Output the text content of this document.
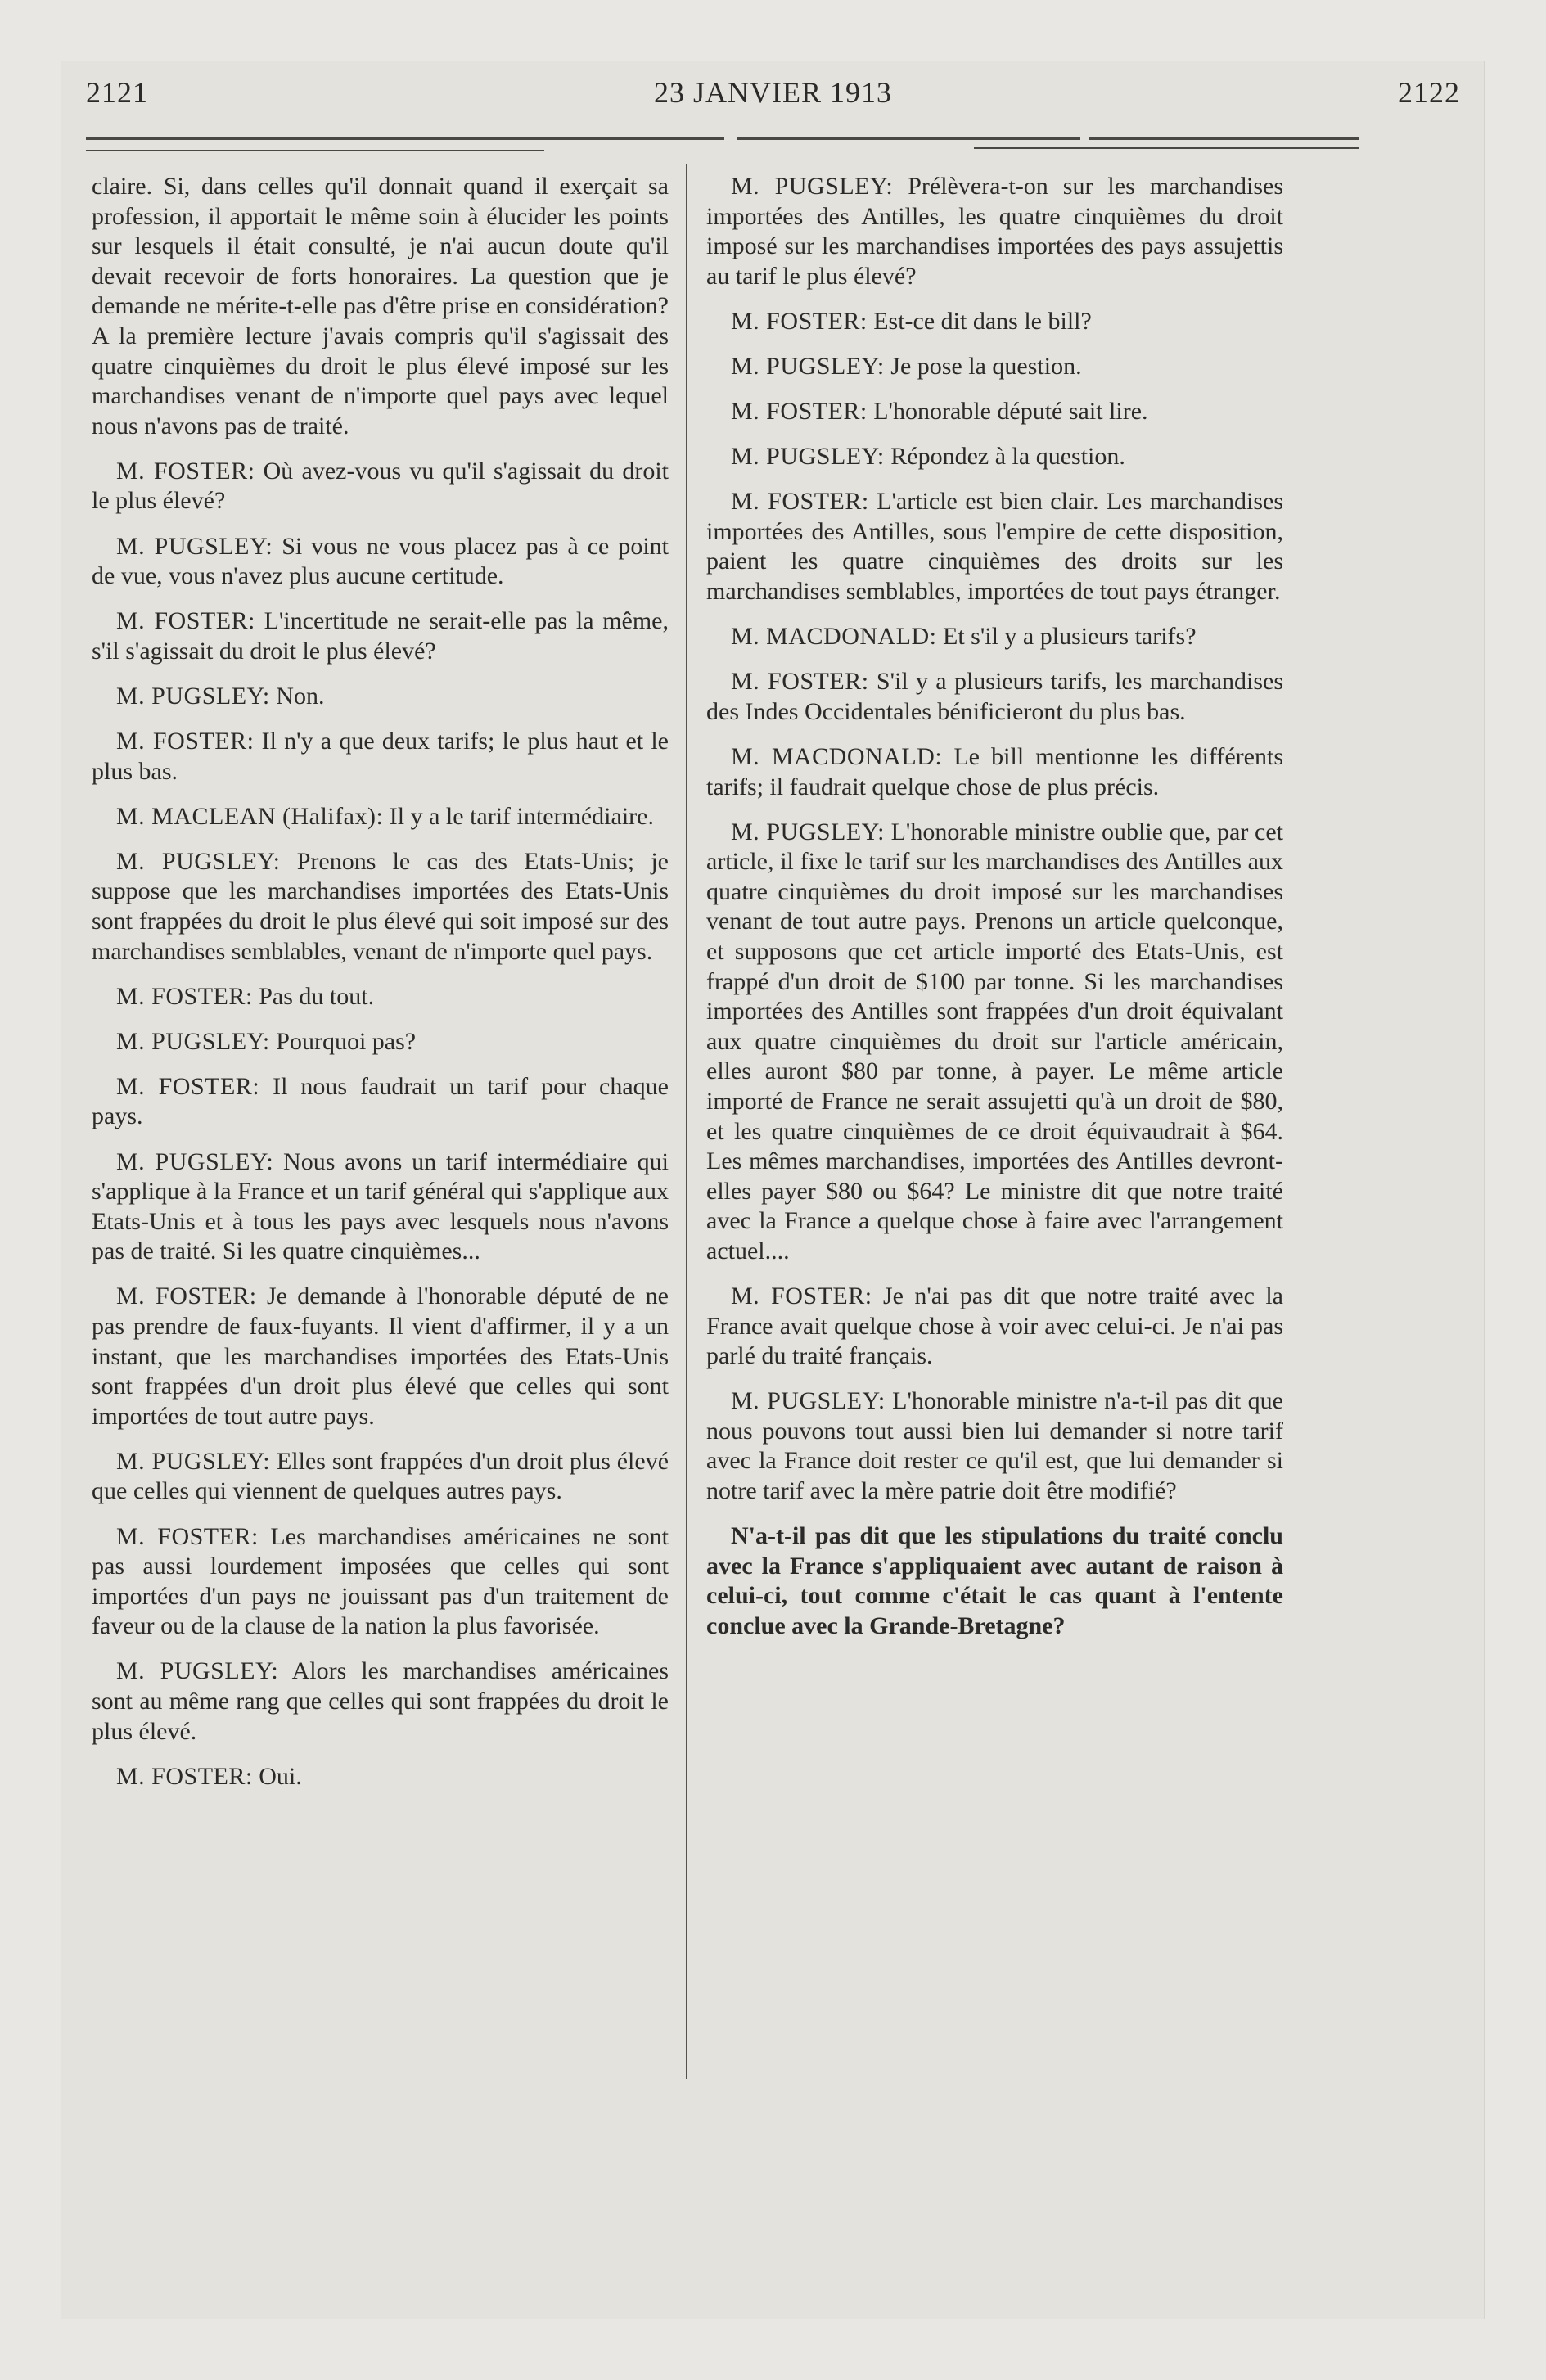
2121	23 JANVIER 1913	2122

claire. Si, dans celles qu'il donnait quand il exerçait sa profession, il apportait le même soin à élucider les points sur lesquels il était consulté, je n'ai aucun doute qu'il devait recevoir de forts honoraires. La question que je demande ne mérite-t-elle pas d'être prise en considération? A la première lecture j'avais compris qu'il s'agissait des quatre cinquièmes du droit le plus élevé imposé sur les marchandises venant de n'importe quel pays avec lequel nous n'avons pas de traité.

M. FOSTER: Où avez-vous vu qu'il s'agissait du droit le plus élevé?

M. PUGSLEY: Si vous ne vous placez pas à ce point de vue, vous n'avez plus aucune certitude.

M. FOSTER: L'incertitude ne serait-elle pas la même, s'il s'agissait du droit le plus élevé?

M. PUGSLEY: Non.

M. FOSTER: Il n'y a que deux tarifs; le plus haut et le plus bas.

M. MACLEAN (Halifax): Il y a le tarif intermédiaire.

M. PUGSLEY: Prenons le cas des Etats-Unis; je suppose que les marchandises importées des Etats-Unis sont frappées du droit le plus élevé qui soit imposé sur des marchandises semblables, venant de n'importe quel pays.

M. FOSTER: Pas du tout.

M. PUGSLEY: Pourquoi pas?

M. FOSTER: Il nous faudrait un tarif pour chaque pays.

M. PUGSLEY: Nous avons un tarif intermédiaire qui s'applique à la France et un tarif général qui s'applique aux Etats-Unis et à tous les pays avec lesquels nous n'avons pas de traité. Si les quatre cinquièmes...

M. FOSTER: Je demande à l'honorable député de ne pas prendre de faux-fuyants. Il vient d'affirmer, il y a un instant, que les marchandises importées des Etats-Unis sont frappées d'un droit plus élevé que celles qui sont importées de tout autre pays.

M. PUGSLEY: Elles sont frappées d'un droit plus élevé que celles qui viennent de quelques autres pays.

M. FOSTER: Les marchandises américaines ne sont pas aussi lourdement imposées que celles qui sont importées d'un pays ne jouissant pas d'un traitement de faveur ou de la clause de la nation la plus favorisée.

M. PUGSLEY: Alors les marchandises américaines sont au même rang que celles qui sont frappées du droit le plus élevé.

M. FOSTER: Oui.

M. PUGSLEY: Prélèvera-t-on sur les marchandises importées des Antilles, les quatre cinquièmes du droit imposé sur les marchandises importées des pays assujettis au tarif le plus élevé?

M. FOSTER: Est-ce dit dans le bill?

M. PUGSLEY: Je pose la question.

M. FOSTER: L'honorable député sait lire.

M. PUGSLEY: Répondez à la question.

M. FOSTER: L'article est bien clair. Les marchandises importées des Antilles, sous l'empire de cette disposition, paient les quatre cinquièmes des droits sur les marchandises semblables, importées de tout pays étranger.

M. MACDONALD: Et s'il y a plusieurs tarifs?

M. FOSTER: S'il y a plusieurs tarifs, les marchandises des Indes Occidentales bénificieront du plus bas.

M. MACDONALD: Le bill mentionne les différents tarifs; il faudrait quelque chose de plus précis.

M. PUGSLEY: L'honorable ministre oublie que, par cet article, il fixe le tarif sur les marchandises des Antilles aux quatre cinquièmes du droit imposé sur les marchandises venant de tout autre pays. Prenons un article quelconque, et supposons que cet article importé des Etats-Unis, est frappé d'un droit de $100 par tonne. Si les marchandises importées des Antilles sont frappées d'un droit équivalant aux quatre cinquièmes du droit sur l'article américain, elles auront $80 par tonne, à payer. Le même article importé de France ne serait assujetti qu'à un droit de $80, et les quatre cinquièmes de ce droit équivaudrait à $64. Les mêmes marchandises, importées des Antilles devront-elles payer $80 ou $64? Le ministre dit que notre traité avec la France a quelque chose à faire avec l'arrangement actuel....

M. FOSTER: Je n'ai pas dit que notre traité avec la France avait quelque chose à voir avec celui-ci. Je n'ai pas parlé du traité français.

M. PUGSLEY: L'honorable ministre n'a-t-il pas dit que nous pouvons tout aussi bien lui demander si notre tarif avec la France doit rester ce qu'il est, que lui demander si notre tarif avec la mère patrie doit être modifié?

N'a-t-il pas dit que les stipulations du traité conclu avec la France s'appliquaient avec autant de raison à celui-ci, tout comme c'était le cas quant à l'entente conclue avec la Grande-Bretagne?
